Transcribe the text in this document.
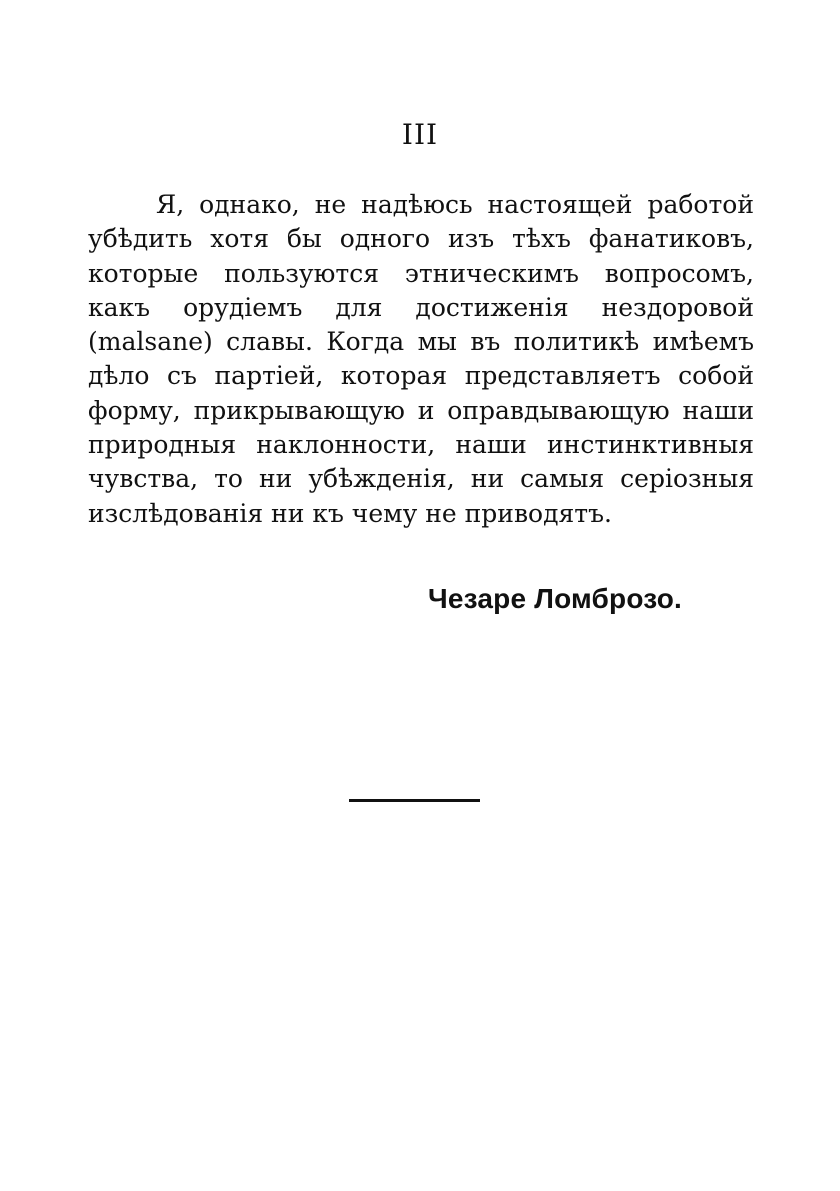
III

Я, однако, не надѣюсь настоящей работой убѣдить хотя бы одного изъ тѣхъ фанатиковъ, которые пользуются этническимъ вопросомъ, какъ орудіемъ для достиженія нездоровой (malsane) славы. Когда мы въ политикѣ имѣемъ дѣло съ партіей, которая представляетъ собой форму, прикрывающую и оправдывающую наши природныя наклонности, наши инстинктивныя чувства, то ни убѣжденія, ни самыя серіозныя изслѣдованія ни къ чему не приводятъ.

Чезаре Ломброзо.
